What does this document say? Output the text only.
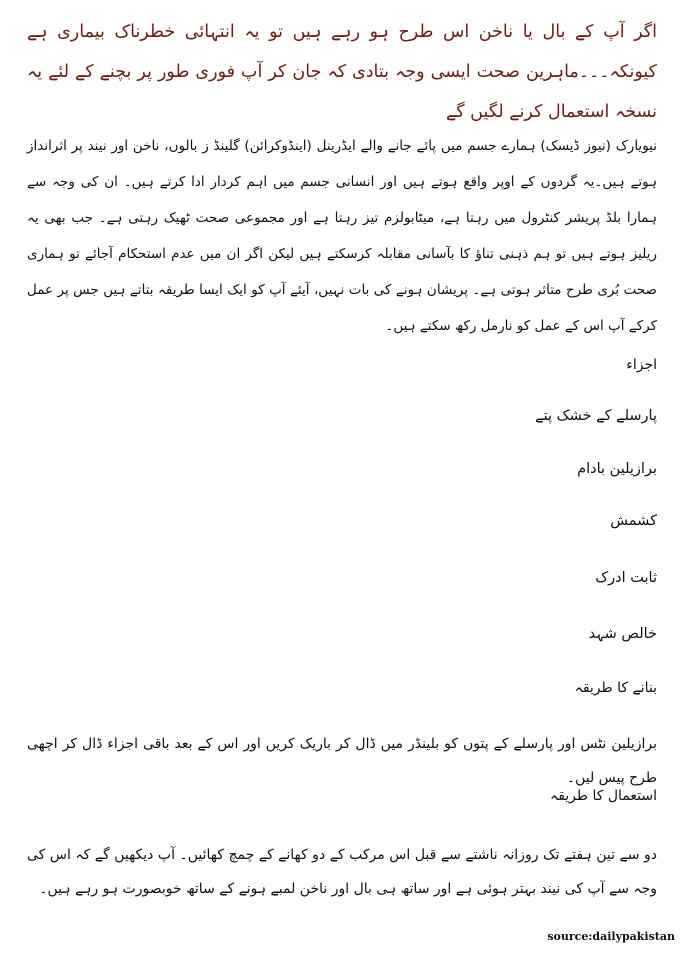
اگر آپ کے بال یا ناخن اس طرح ہو رہے ہیں تو یہ انتہائی خطرناک بیماری ہے کیونکہ۔۔۔ماہرین صحت ایسی وجہ بتادی کہ جان کر آپ فوری طور پر بچنے کے لئے یہ نسخہ استعمال کرنے لگیں گے
نیویارک (نیوز ڈیسک) ہمارے جسم میں پائے جانے والے ایڈرینل (اینڈوکرائن) گلینڈ ز بالوں، ناخن اور نیند پر اثرانداز ہوتے ہیں۔یہ گردوں کے اوپر واقع ہوتے ہیں اور انسانی جسم میں اہم کردار ادا کرتے ہیں۔ ان کی وجہ سے ہمارا بلڈ پریشر کنٹرول میں رہتا ہے، میٹابولزم تیز رہتا ہے اور مجموعی صحت ٹھیک رہتی ہے۔ جب بھی یہ ریلیز ہوتے ہیں تو ہم ذہنی تناؤ کا بآسانی مقابلہ کرسکتے ہیں لیکن اگر ان میں عدم استحکام آجائے تو ہماری صحت بُری طرح متاثر ہوتی ہے۔ پریشان ہونے کی بات نہیں، آیئے آپ کو ایک ایسا طریقہ بتاتے ہیں جس پر عمل کرکے آپ اس کے عمل کو نارمل رکھ سکتے ہیں۔
اجزاء
پارسلے کے خشک پتے
برازیلین بادام
کشمش
ثابت ادرک
خالص شہد
بنانے کا طریقہ
برازیلین نٹس اور پارسلے کے پتوں کو بلینڈر میں ڈال کر باریک کریں اور اس کے بعد باقی اجزاء ڈال کر اچھی طرح پیس لیں۔
استعمال کا طریقہ
دو سے تین ہفتے تک روزانہ ناشتے سے قبل اس مرکب کے دو کھانے کے چمچ کھائیں۔ آپ دیکھیں گے کہ اس کی وجہ سے آپ کی نیند بہتر ہوئی ہے اور ساتھ ہی بال اور ناخن لمبے ہونے کے ساتھ خوبصورت ہو رہے ہیں۔
source:dailypakistan
